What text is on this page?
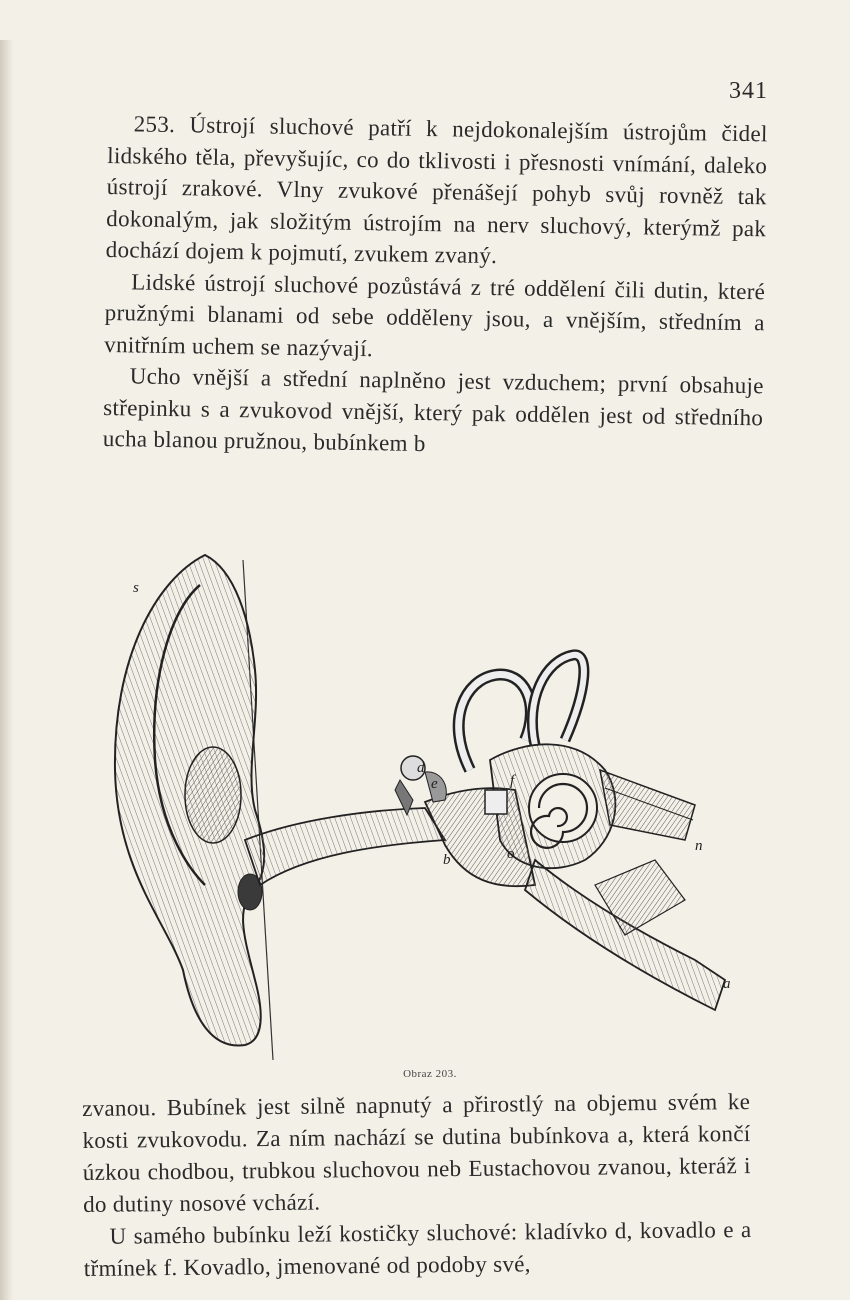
341

253. Ústrojí sluchové patří k nejdokonalejším ústrojům čidel lidského těla, převyšujíc, co do tklivosti i přesnosti vnímání, daleko ústrojí zrakové. Vlny zvukové přenášejí pohyb svůj rovněž tak dokonalým, jak složitým ústrojím na nerv sluchový, kterýmž pak dochází dojem k pojmutí, zvukem zvaný.

Lidské ústrojí sluchové pozůstává z tré oddělení čili dutin, které pružnými blanami od sebe odděleny jsou, a vnějším, středním a vnitřním uchem se nazývají.

Ucho vnější a střední naplněno jest vzduchem; první obsahuje střepinku s a zvukovod vnější, který pak oddělen jest od středního ucha blanou pružnou, bubínkem b

s
d
e	f
b	o	n
a
Obraz 203.

zvanou. Bubínek jest silně napnutý a přirostlý na objemu svém ke kosti zvukovodu. Za ním nachází se dutina bubínkova a, která končí úzkou chodbou, trubkou sluchovou neb Eustachovou zvanou, kteráž i do dutiny nosové vchází.

U samého bubínku leží kostičky sluchové: kladívko d, kovadlo e a třmínek f. Kovadlo, jmenované od podoby své,
